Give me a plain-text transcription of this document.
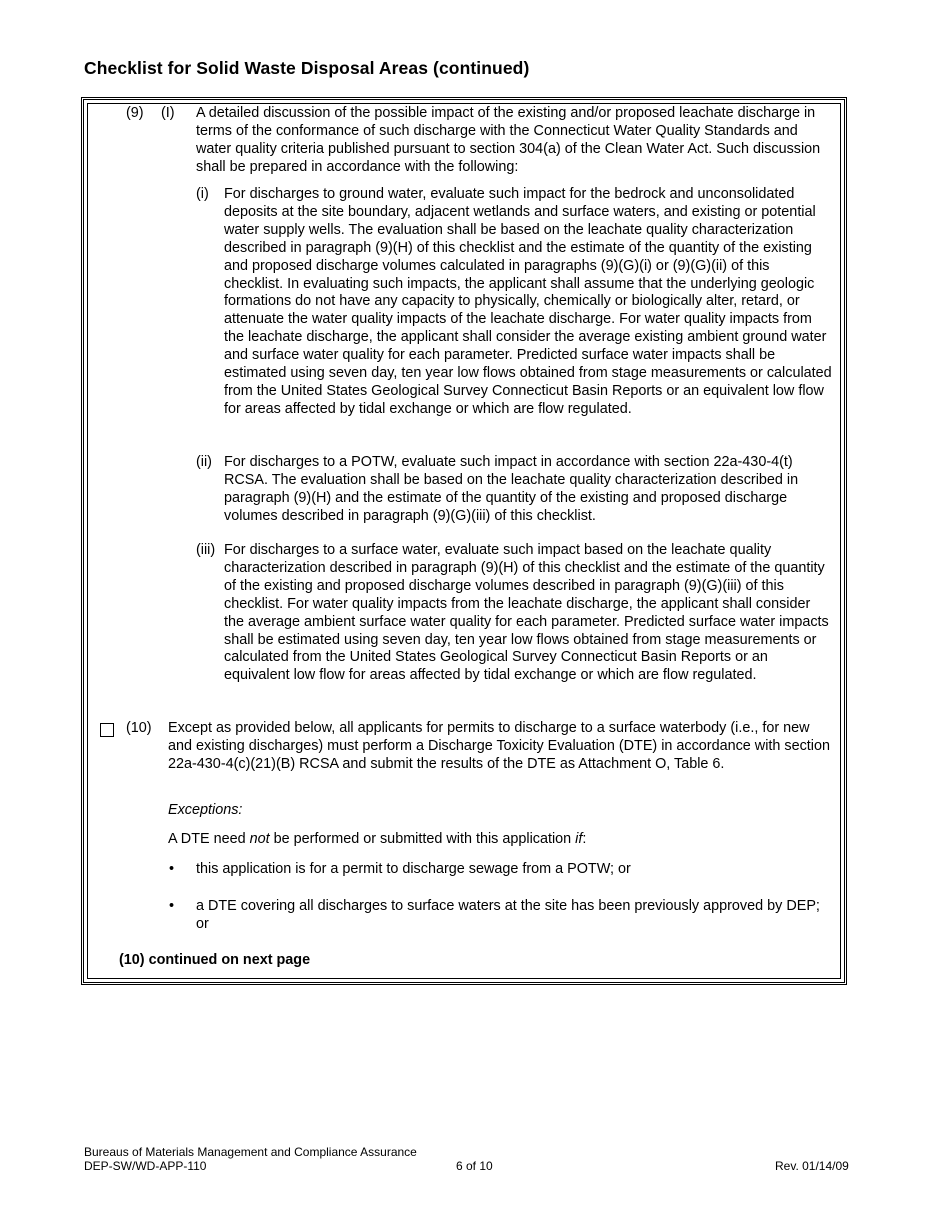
Checklist for Solid Waste Disposal Areas (continued)
(9) (I) A detailed discussion of the possible impact of the existing and/or proposed leachate discharge in terms of the conformance of such discharge with the Connecticut Water Quality Standards and water quality criteria published pursuant to section 304(a) of the Clean Water Act. Such discussion shall be prepared in accordance with the following:
(i) For discharges to ground water, evaluate such impact for the bedrock and unconsolidated deposits at the site boundary, adjacent wetlands and surface waters, and existing or potential water supply wells. The evaluation shall be based on the leachate quality characterization described in paragraph (9)(H) of this checklist and the estimate of the quantity of the existing and proposed discharge volumes calculated in paragraphs (9)(G)(i) or (9)(G)(ii) of this checklist. In evaluating such impacts, the applicant shall assume that the underlying geologic formations do not have any capacity to physically, chemically or biologically alter, retard, or attenuate the water quality impacts of the leachate discharge. For water quality impacts from the leachate discharge, the applicant shall consider the average existing ambient ground water and surface water quality for each parameter. Predicted surface water impacts shall be estimated using seven day, ten year low flows obtained from stage measurements or calculated from the United States Geological Survey Connecticut Basin Reports or an equivalent low flow for areas affected by tidal exchange or which are flow regulated.
(ii) For discharges to a POTW, evaluate such impact in accordance with section 22a-430-4(t) RCSA. The evaluation shall be based on the leachate quality characterization described in paragraph (9)(H) and the estimate of the quantity of the existing and proposed discharge volumes described in paragraph (9)(G)(iii) of this checklist.
(iii) For discharges to a surface water, evaluate such impact based on the leachate quality characterization described in paragraph (9)(H) of this checklist and the estimate of the quantity of the existing and proposed discharge volumes described in paragraph (9)(G)(iii) of this checklist. For water quality impacts from the leachate discharge, the applicant shall consider the average ambient surface water quality for each parameter. Predicted surface water impacts shall be estimated using seven day, ten year low flows obtained from stage measurements or calculated from the United States Geological Survey Connecticut Basin Reports or an equivalent low flow for areas affected by tidal exchange or which are flow regulated.
(10) Except as provided below, all applicants for permits to discharge to a surface waterbody (i.e., for new and existing discharges) must perform a Discharge Toxicity Evaluation (DTE) in accordance with section 22a-430-4(c)(21)(B) RCSA and submit the results of the DTE as Attachment O, Table 6.
Exceptions:
A DTE need not be performed or submitted with this application if:
• this application is for a permit to discharge sewage from a POTW; or
• a DTE covering all discharges to surface waters at the site has been previously approved by DEP; or
(10) continued on next page
Bureaus of Materials Management and Compliance Assurance
DEP-SW/WD-APP-110	6 of 10	Rev. 01/14/09
